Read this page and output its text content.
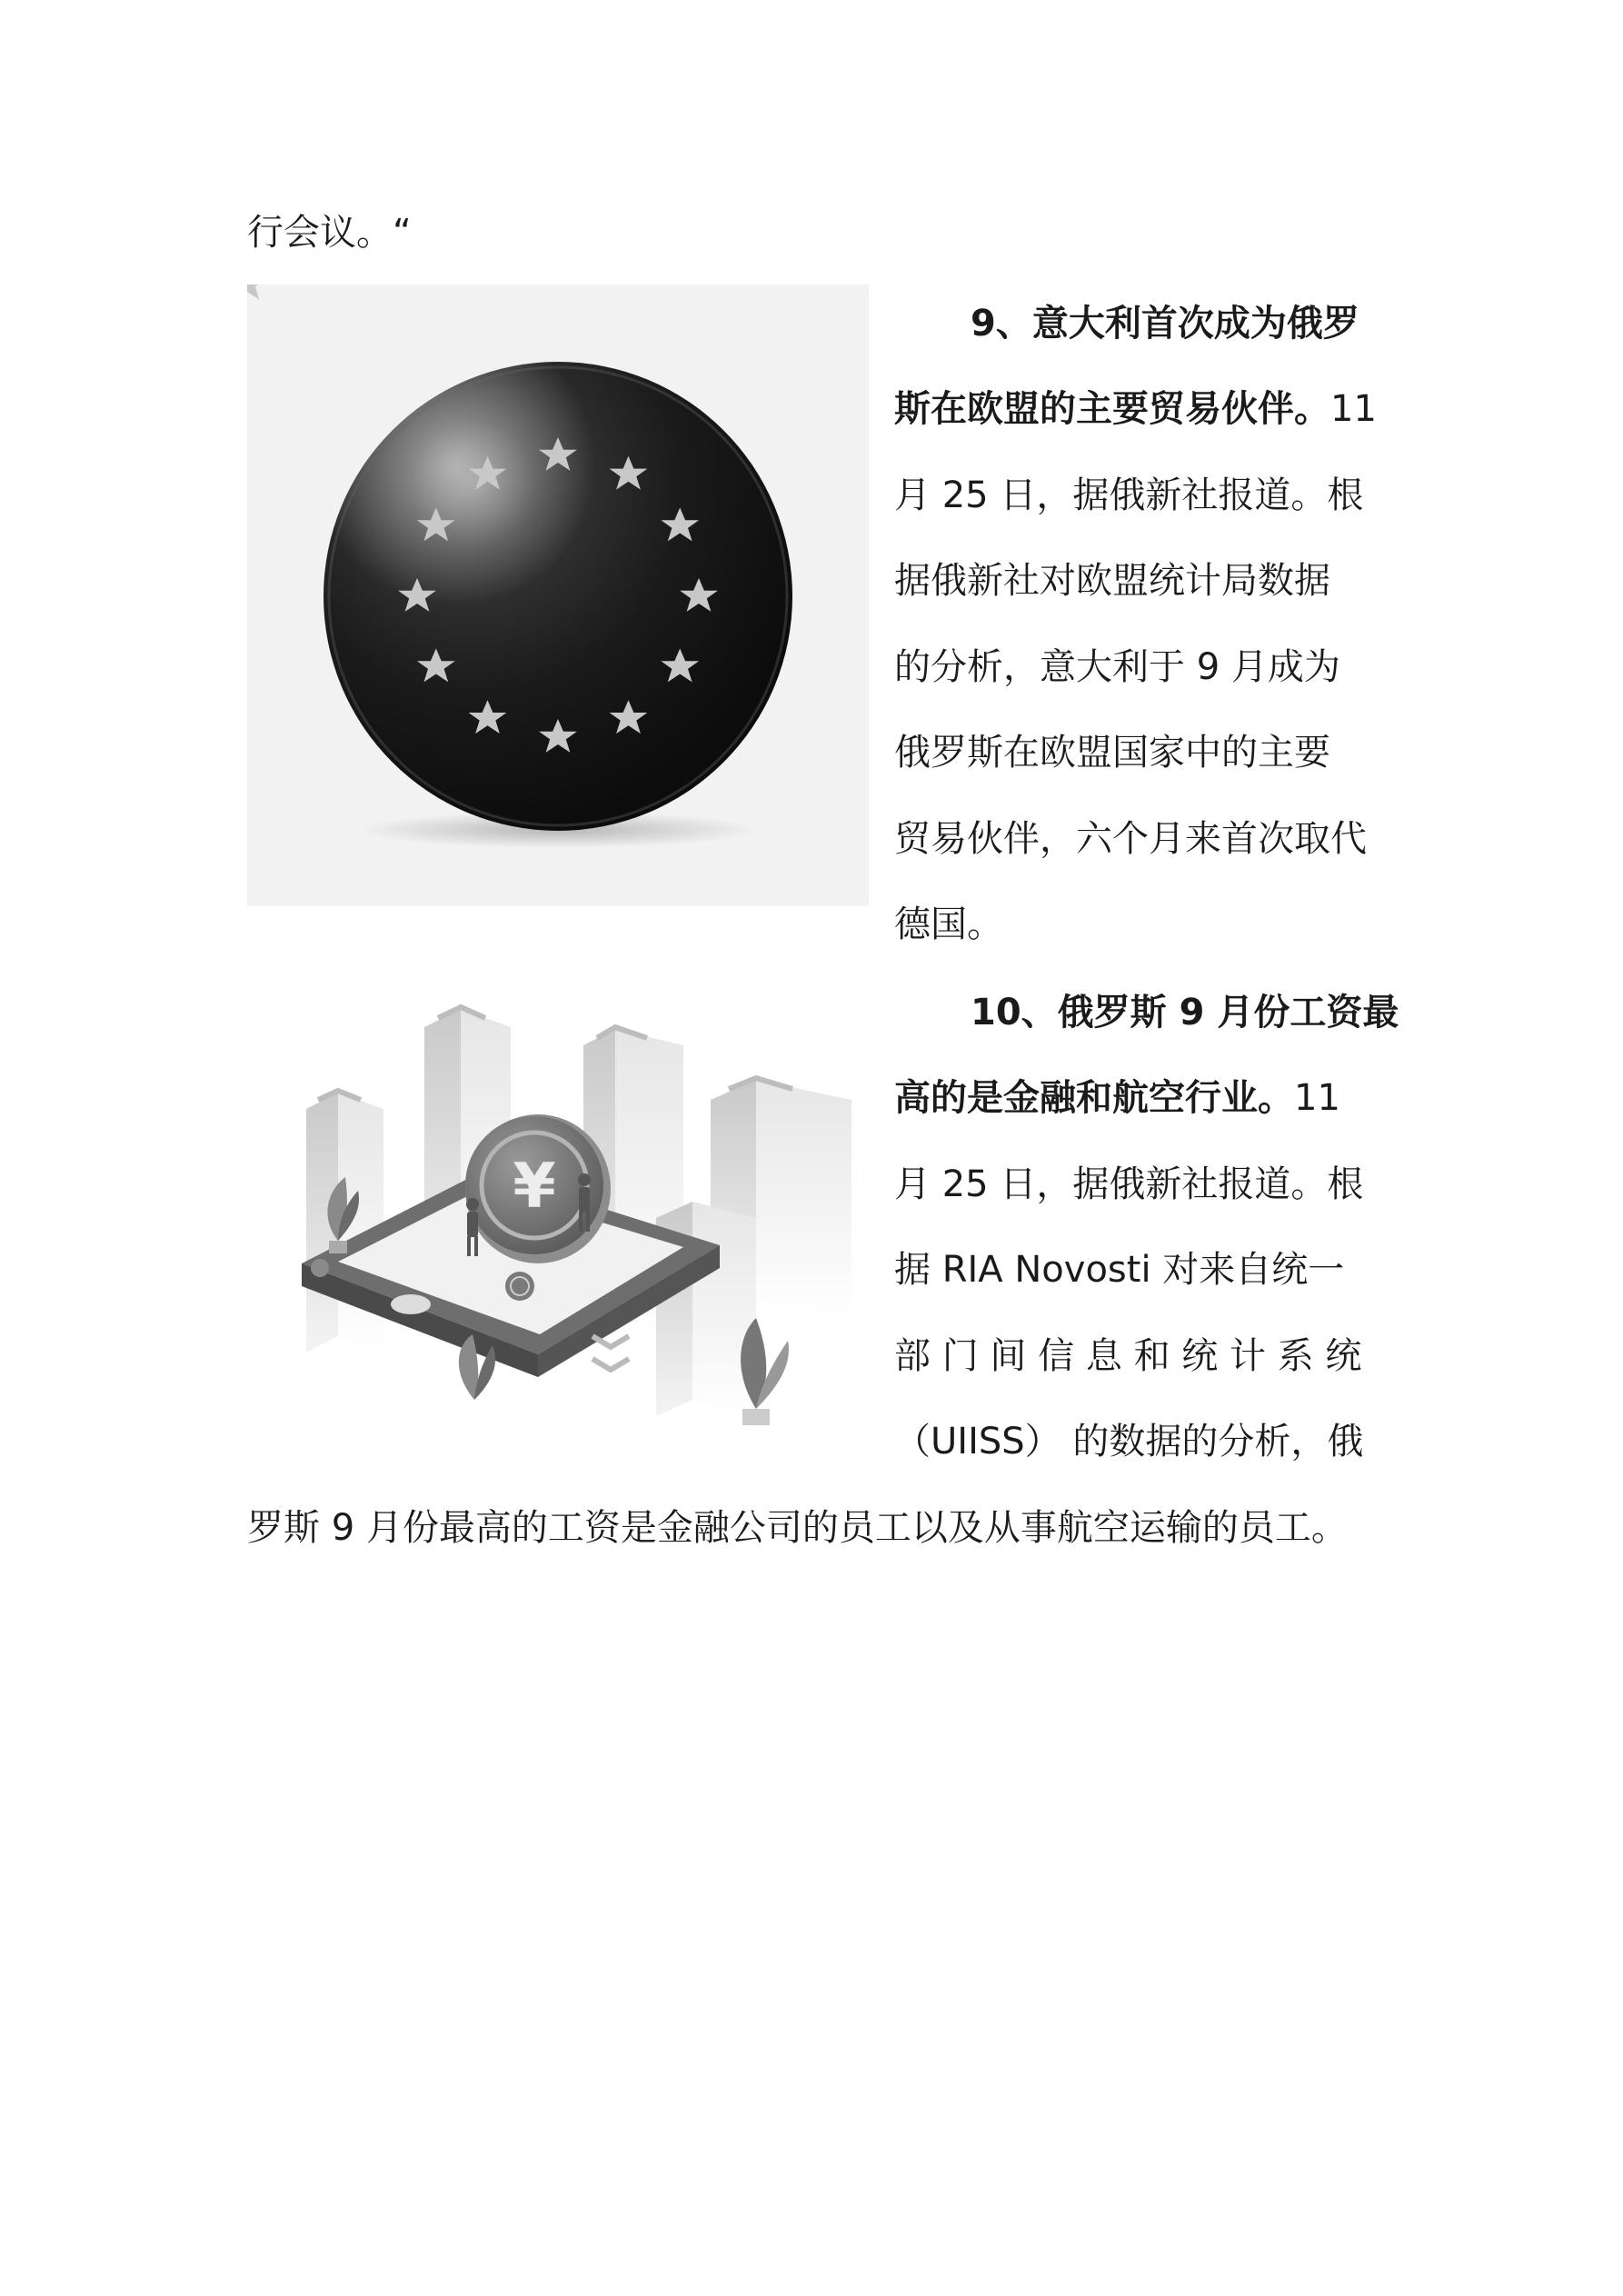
行会议。“
9、意大利首次成为俄罗
斯在欧盟的主要贸易伙伴。11
月 25 日，据俄新社报道。根
据俄新社对欧盟统计局数据
的分析，意大利于 9 月成为
俄罗斯在欧盟国家中的主要
贸易伙伴，六个月来首次取代
德国。
¥
10、俄罗斯 9 月份工资最
高的是金融和航空行业。11
月 25 日，据俄新社报道。根
据 RIA Novosti 对来自统一
部 门 间 信 息 和 统 计 系 统
（UIISS） 的数据的分析，俄
罗斯 9 月份最高的工资是金融公司的员工以及从事航空运输的员工。
